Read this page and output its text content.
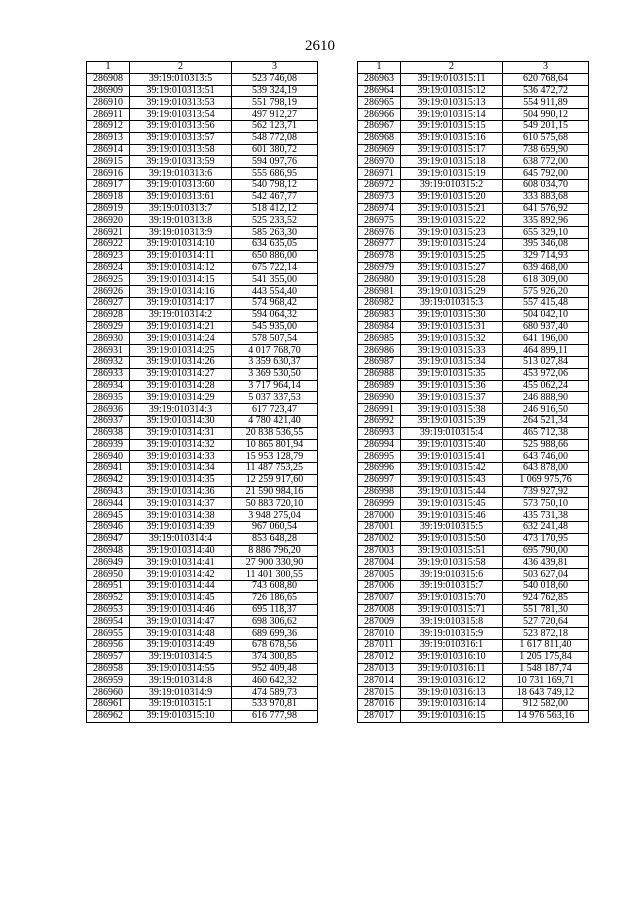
2610
1	2	3
286908	39:19:010313:5	523 746,08
286909	39:19:010313:51	539 324,19
286910	39:19:010313:53	551 798,19
286911	39:19:010313:54	497 912,27
286912	39:19:010313:56	562 123,71
286913	39:19:010313:57	548 772,08
286914	39:19:010313:58	601 380,72
286915	39:19:010313:59	594 097,76
286916	39:19:010313:6	555 686,95
286917	39:19:010313:60	540 798,12
286918	39:19:010313:61	542 467,77
286919	39:19:010313:7	518 412,12
286920	39:19:010313:8	525 233,52
286921	39:19:010313:9	585 263,30
286922	39:19:010314:10	634 635,05
286923	39:19:010314:11	650 886,00
286924	39:19:010314:12	675 722,14
286925	39:19:010314:15	541 355,00
286926	39:19:010314:16	443 554,40
286927	39:19:010314:17	574 968,42
286928	39:19:010314:2	594 064,32
286929	39:19:010314:21	545 935,00
286930	39:19:010314:24	578 507,54
286931	39:19:010314:25	4 017 768,70
286932	39:19:010314:26	3 359 630,37
286933	39:19:010314:27	3 369 530,50
286934	39:19:010314:28	3 717 964,14
286935	39:19:010314:29	5 037 337,53
286936	39:19:010314:3	617 723,47
286937	39:19:010314:30	4 780 421,40
286938	39:19:010314:31	20 838 536,55
286939	39:19:010314:32	10 865 801,94
286940	39:19:010314:33	15 953 128,79
286941	39:19:010314:34	11 487 753,25
286942	39:19:010314:35	12 259 917,60
286943	39:19:010314:36	21 590 984,16
286944	39:19:010314:37	50 883 720,10
286945	39:19:010314:38	3 948 275,04
286946	39:19:010314:39	967 060,54
286947	39:19:010314:4	853 648,28
286948	39:19:010314:40	8 886 796,20
286949	39:19:010314:41	27 900 330,90
286950	39:19:010314:42	11 401 300,55
286951	39:19:010314:44	743 608,80
286952	39:19:010314:45	726 186,65
286953	39:19:010314:46	695 118,37
286954	39:19:010314:47	698 306,62
286955	39:19:010314:48	689 699,36
286956	39:19:010314:49	678 678,56
286957	39:19:010314:5	374 300,85
286958	39:19:010314:55	952 409,48
286959	39:19:010314:8	460 642,32
286960	39:19:010314:9	474 589,73
286961	39:19:010315:1	533 970,81
286962	39:19:010315:10	616 777,98
1	2	3
286963	39:19:010315:11	620 768,64
286964	39:19:010315:12	536 472,72
286965	39:19:010315:13	554 911,89
286966	39:19:010315:14	504 990,12
286967	39:19:010315:15	549 201,15
286968	39:19:010315:16	610 575,68
286969	39:19:010315:17	738 659,90
286970	39:19:010315:18	638 772,00
286971	39:19:010315:19	645 792,00
286972	39:19:010315:2	608 034,70
286973	39:19:010315:20	333 883,68
286974	39:19:010315:21	641 576,92
286975	39:19:010315:22	335 892,96
286976	39:19:010315:23	655 329,10
286977	39:19:010315:24	395 346,08
286978	39:19:010315:25	329 714,93
286979	39:19:010315:27	639 468,00
286980	39:19:010315:28	618 309,00
286981	39:19:010315:29	575 926,20
286982	39:19:010315:3	557 415,48
286983	39:19:010315:30	504 042,10
286984	39:19:010315:31	680 937,40
286985	39:19:010315:32	641 196,00
286986	39:19:010315:33	464 899,11
286987	39:19:010315:34	513 027,84
286988	39:19:010315:35	453 972,06
286989	39:19:010315:36	455 062,24
286990	39:19:010315:37	246 888,90
286991	39:19:010315:38	246 916,50
286992	39:19:010315:39	264 521,34
286993	39:19:010315:4	465 712,38
286994	39:19:010315:40	525 988,66
286995	39:19:010315:41	643 746,00
286996	39:19:010315:42	643 878,00
286997	39:19:010315:43	1 069 975,76
286998	39:19:010315:44	739 927,92
286999	39:19:010315:45	573 750,10
287000	39:19:010315:46	435 731,38
287001	39:19:010315:5	632 241,48
287002	39:19:010315:50	473 170,95
287003	39:19:010315:51	695 790,00
287004	39:19:010315:58	436 439,81
287005	39:19:010315:6	503 627,04
287006	39:19:010315:7	540 018,60
287007	39:19:010315:70	924 762,85
287008	39:19:010315:71	551 781,30
287009	39:19:010315:8	527 720,64
287010	39:19:010315:9	523 872,18
287011	39:19:010316:1	1 617 811,40
287012	39:19:010316:10	1 205 175,84
287013	39:19:010316:11	1 548 187,74
287014	39:19:010316:12	10 731 169,71
287015	39:19:010316:13	18 643 749,12
287016	39:19:010316:14	912 582,00
287017	39:19:010316:15	14 976 563,16
